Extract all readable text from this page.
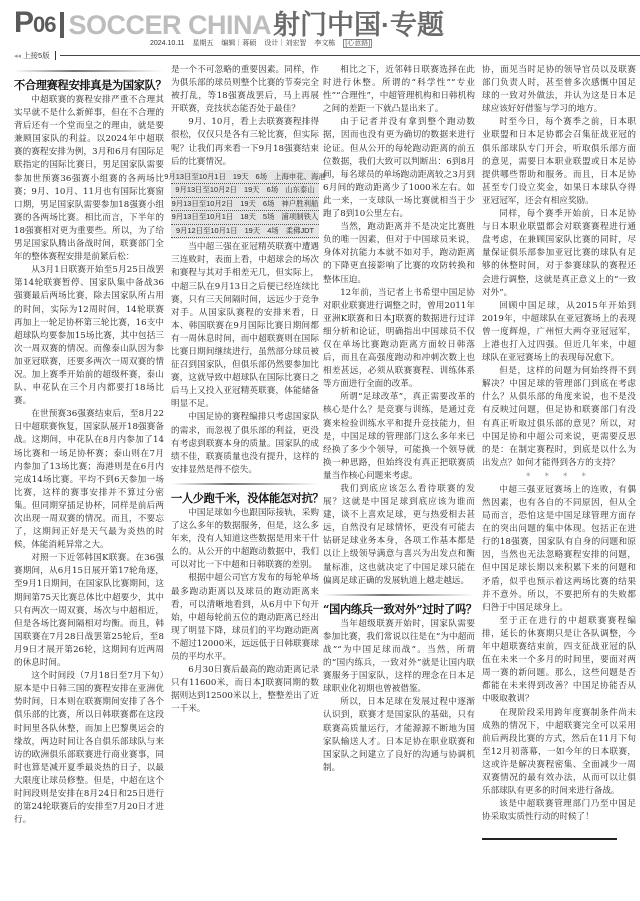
P06 SOCCER CHINA 射门中国·专题
2024.10.11 星期五 编辑｜蒋硕 设计｜刘宏智 李文栋 [心意路]
◂◂ 上接5版
不合理赛程安排真是为国家队？

中超联赛的赛程安排严重不合理其实早就不是什么新鲜事，但在不合理的背后还有一个堂而皇之的理由，就是要兼顾国家队的利益。以2024年中超联赛的赛程安排为例，3月和6月有国际足联指定的国际比赛日，男足国家队需要参加世预赛36强赛小组赛的各两场比赛；9月、10月、11月也有国际比赛窗口期，男足国家队需要参加18强赛小组赛的各两场比赛。相比而言，下半年的18强赛相对更为重要些。所以，为了给男足国家队腾出备战时间，联赛部门全年的整体赛程安排是前紧后松：

从3月1日联赛开始至5月25日战罢第14轮联赛暂停、国家队集中备战36强赛最后两场比赛，除去国家队所占用的时间，实际为12周时间，14轮联赛再加上一轮足协杯第三轮比赛，16支中超球队均要参加15场比赛，其中包括三次一周双赛的情况。而像泰山队因为参加亚冠联赛，还要多两次一周双赛的情况。加上赛季开始前的超级杯赛，泰山队、申花队在三个月内都要打18场比赛。

在世预赛36强赛结束后，至8月22日中超联赛恢复，国家队展开18强赛备战。这期间，申花队在8月内参加了14场比赛和一场足协杯赛；泰山则在7月内参加了13场比赛；海港则是在6月内完成14场比赛。平均不到6天参加一场比赛，这样的赛事安排并不算过分密集。但同期穿插足协杯，同样是前后两次出现一周双赛的情况。而且，不要忘了，这期间正好是天气最为炎热的时候，体能消耗异常之大。

对照一下近邻韩国K联赛。在36强赛期间，从6月15日展开第17轮角逐，至9月1日期间，在国家队比赛期间，这期间第75天比赛总体比中超要少，其中只有两次一周双赛，场次与中超相近，但是各场比赛间隔相对均衡。而且，韩国联赛在7月28日战罢第25轮后，至8月9日才展开第26轮，这期间有近两周的休息时间。

这个时间段（7月18日至7月下旬）原本是中日韩三国的赛程安排在亚洲优势时间，日本则在联赛期间安排了各个俱乐部的比赛，所以日韩联赛都在这段时间里各队休整，而加上巴黎奥运会的缘故，两边时间让各自俱乐部球队与来访的欧洲俱乐部联赛进行商业赛事，同时也算是减开夏季最炎热的日子，以最大限度让球员修整。但是，中超在这个时间段则是安排在8月24日和25日进行的第24轮联赛后的安排至7月20日才进行。

是一个不可忽略的重要因素。同样，作为俱乐部的球员则整个比赛的节奏完全被打乱，等18强赛战罢后，马上再展开联赛，竞技状态能否处于最佳？

9月、10月，看上去联赛赛程排得很松，仅仅只是各有三轮比赛，但实际呢？让我们再来看一下9月18强赛结束后的比赛情况。

9月13日至10月1日 19天 6场 上海申花、海港
9月13日至10月2日 19天 6场 山东泰山
9月13日至10月2日 19天 6场 神户胜利船
9月13日至10月1日 18天 5场 浦项制铁人
9月12日至10月1日 19天 4场 柔佛JDT

当中超三强在亚冠精英联赛中遭遇三连败时，表面上看，中超球会的场次和赛程与其对手相差无几，但实际上，中超三队在9月13日之后便已经连续比赛，只有三天间隔时间，远远少于竞争对手。从国家队赛程的安排来看，日本、韩国联赛在9月国际比赛日期间都有一周休息时间，而中超联赛则在国际比赛日期间继续进行，虽然部分球员被征召到国家队，但俱乐部仍然要参加比赛，这就导致中超球队在国际比赛日之后马上又投入亚冠精英联赛，体能储备明显不足。

中国足协的赛程编排只考虑国家队的需求，而忽视了俱乐部的利益，更没有考虑到联赛本身的质量。国家队的成绩不佳，联赛质量也没有提升，这样的安排显然是得不偿失。

一人少跑千米，没体能怎对抗？

中国足球如今也跟国际接轨，采购了这么多年的数据服务，但是，这么多年来，没有人知道这些数据是用来干什么的。从公开的中超跑动数据中，我们可以对比一下中超和日韩联赛的差别。

根据中超公司官方发布的每轮单场最多跑动距离以及球员的跑动距离来看，可以清晰地看到，从6月中下旬开始，中超每轮前五位的跑动距离已经出现了明显下降，球员们的平均跑动距离不超过12000米，远远低于日韩联赛球员的平均水平。

6月30日赛后最高的跑动距离记录只有11600米，而日本J联赛同期的数据则达到12500米以上，整整差出了近一千米。

相比之下，近邻韩日联赛选择在此时进行休整。所谓的“科学性”“专业性”“合理性”，中超管理机构和日韩机构之间的差距一下就凸显出来了。

由于记者并没有拿到整个跑动数据，因而也没有更为确切的数据来进行论证。但从公开的每轮跑动距离的前五位数据，我们大致可以判断出：6到8月间，每名球员的单场跑动距离较之3月到6月间的跑动距离少了1000米左右。如此一来，一支球队一场比赛就相当于少跑了8到10公里左右。

当然，跑动距离并不是决定比赛胜负的唯一因素，但对于中国球员来说，身体对抗能力本就不如对手，跑动距离的下降更直接影响了比赛的攻防转换和整体压迫。

12年前，当记者上书希望中国足协对职业联赛进行调整之时，曾用2011年亚洲K联赛和日本J联赛的数据进行过详细分析和论证，明确指出中国球员不仅仅在单场比赛跑动距离方面较日韩落后，而且在高强度跑动和冲刺次数上也相差甚远，必须从联赛赛程、训练体系等方面进行全面的改革。

所谓“足球改革”，真正需要改革的核心是什么？是竞赛与训练，是通过竞赛来检验训练水平和提升竞技能力，但是，中国足球的管理部门这么多年来已经换了多少个领导，可能换一个领导就换一种思路，但始终没有真正把联赛质量当作核心问题来考虑。

我们到底应该怎么看待联赛的发展？这就是中国足球到底应该为谁而建，谈不上喜欢足球，更与热爱相去甚远，自然没有足球情怀，更没有可能去钻研足球业务本身，各项工作基本都是以让上级领导满意与喜兴为出发点和衡量标准，这也就决定了中国足球只能在偏离足球正确的发展轨道上越走越远。

“国内练兵一致对外”过时了吗？

当年超级联赛开始时，国家队需要参加比赛，我们常说以往是在“为中超而战”“为中国足球而战”。当然，所谓的“国内练兵，一致对外”就是让国内联赛服务于国家队，这样的理念在日本足球职业化初期也曾被借鉴。

所以，日本足球在发展过程中逐渐认识到，联赛才是国家队的基础，只有联赛高质量运行，才能源源不断地为国家队输送人才。日本足协在职业联赛和国家队之间建立了良好的沟通与协调机制。

协，面见当时足协的领导官员以及联赛部门负责人时，甚至曾多次感慨中国足球的一致对外做法，并认为这是日本足球应该好好借鉴与学习的地方。

时至今日，每个赛季之前，日本职业联盟和日本足协都会召集征战亚冠的俱乐部球队专门开会，听取俱乐部方面的意见，需要日本职业联盟或日本足协提供哪些帮助和服务。而且，日本足协甚至专门设立奖金，如果日本球队夺得亚冠冠军，还会有相应奖励。

同样，每个赛季开始前，日本足协与日本职业联盟都会对联赛赛程进行通盘考虑，在兼顾国家队比赛的同时，尽量保证俱乐部参加亚冠比赛的球队有足够的休整时间，对于参赛球队的赛程还会进行调整，这就是真正意义上的“一致对外”。

回顾中国足球，从2015年开始到2019年，中超球队在亚冠赛场上的表现曾一度辉煌，广州恒大两夺亚冠冠军，上港也打入过四强。但近几年来，中超球队在亚冠赛场上的表现每况愈下。

但是，这样的问题为何始终得不到解决？中国足球的管理部门到底在考虑什么？从俱乐部的角度来说，也不是没有反映过问题，但足协和联赛部门有没有真正听取过俱乐部的意见？所以，对中国足协和中超公司来说，更需要反思的是：在制定赛程时，到底是以什么为出发点？如何才能得到各方的支持？

* * * *

中超三强亚冠赛场上的连败，有偶然因素，也有各自的不同原因，但从全局而言，恐怕这是中国足球管理方面存在的突出问题的集中体现。包括正在进行的18强赛，国家队有自身的问题和原因，当然也无法忽略赛程安排的问题，但中国足球长期以来积累下来的问题和矛盾，似乎也预示着这两场比赛的结果并不意外。所以，不要把所有的失败都归咎于中国足球身上。

至于正在进行的中超联赛赛程编排，延长的休赛期只是让各队调整，今年中超联赛结束前，四支征战亚冠的队伍在未来一个多月的时间里，要面对两周一赛的新问题。那么，这些问题是否都能在未来得到改善？中国足协能否从中吸取教训？

在现阶段采用跨年度赛制条件尚未成熟的情况下，中超联赛完全可以采用前后两段比赛的方式，然后在11月下旬至12月初落幕，一如今年的日本联赛，这或许是解决赛程密集、全面减少一周双赛情况的最有效办法，从而可以让俱乐部球队有更多的时间来进行备战。

该是中超联赛管理部门乃至中国足协采取实质性行动的时候了！
